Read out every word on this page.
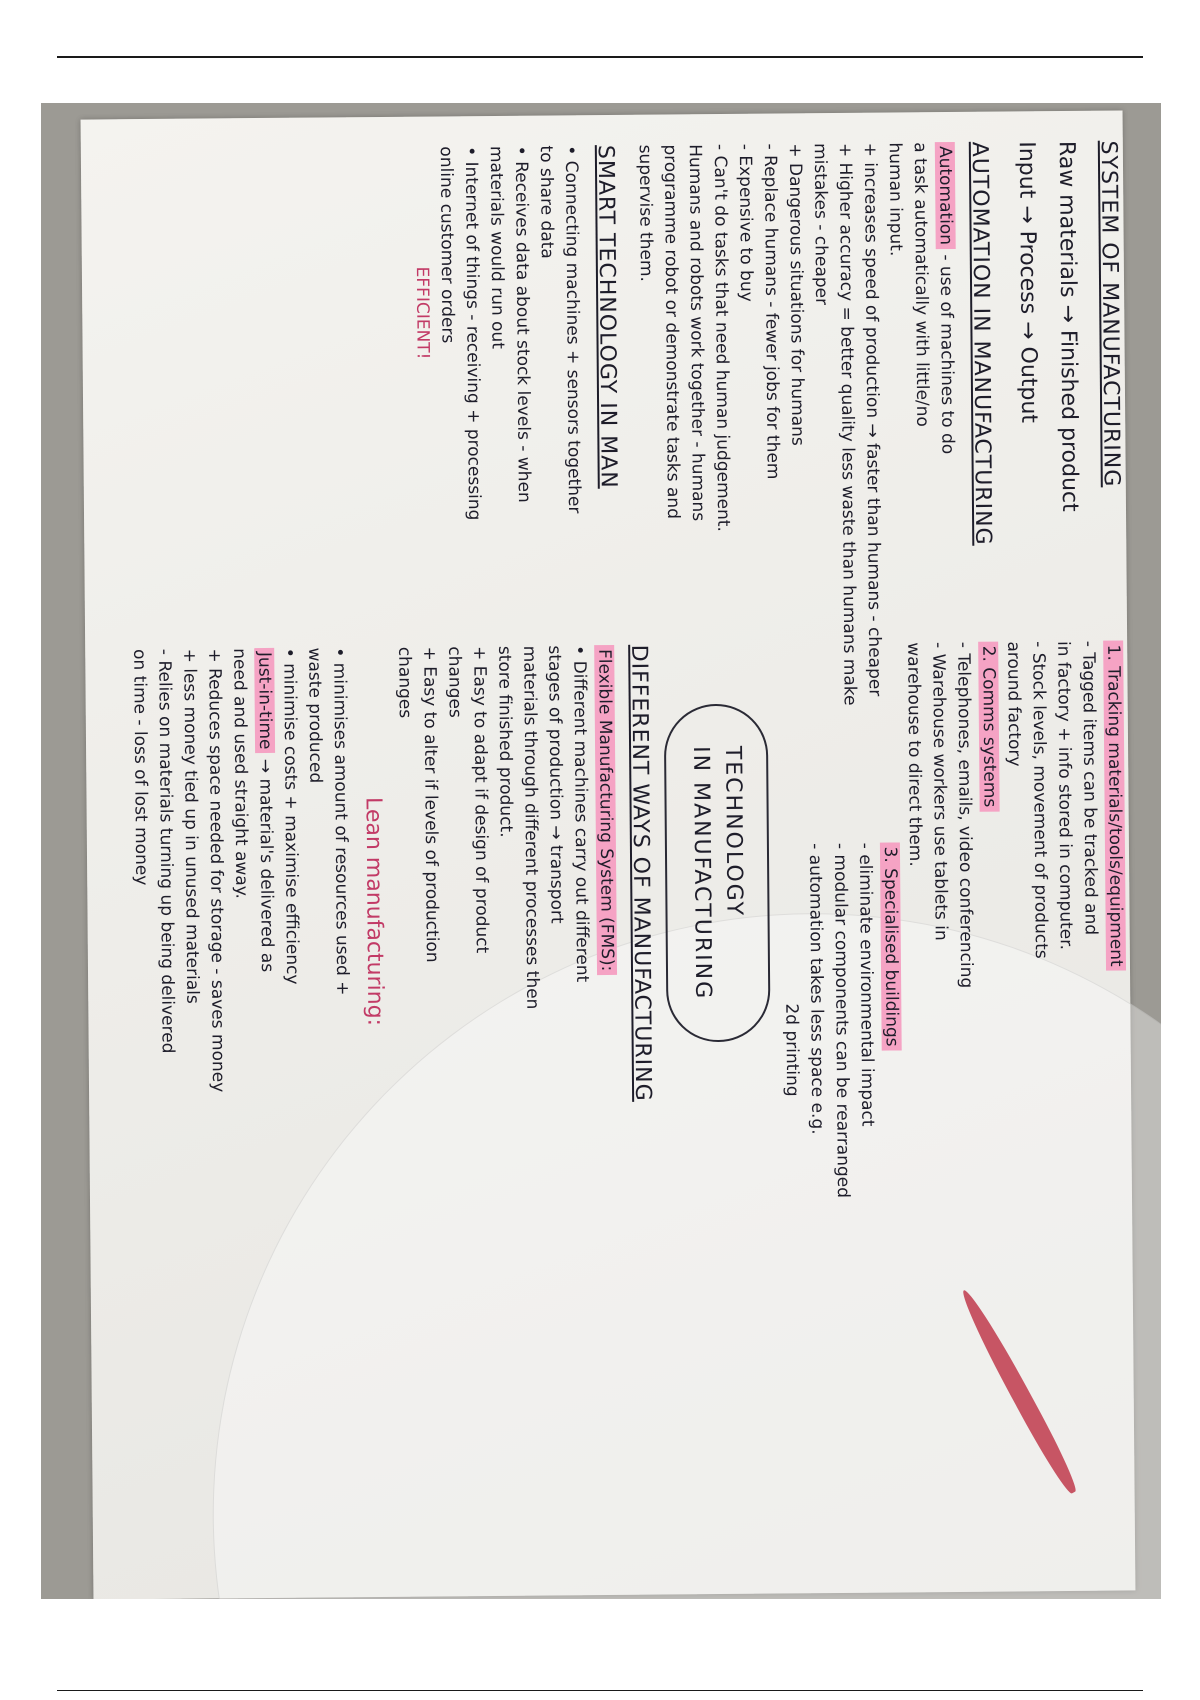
SYSTEM OF MANUFACTURING

Raw materials → Finished product

Input → Process → Output

AUTOMATION IN MANUFACTURING

Automation - use of machines to do

a task automatically with little/no

human input.

+ increases speed of production → faster than humans - cheaper

+ Higher accuracy = better quality less waste than humans make

mistakes - cheaper

+ Dangerous situations for humans

- Replace humans - fewer jobs for them

- Expensive to buy

- Can't do tasks that need human judgement.

Humans and robots work together - humans

programme robot or demonstrate tasks and

supervise them.

SMART TECHNOLOGY IN MAN

• Connecting machines + sensors together

to share data

• Receives data about stock levels - when

materials would run out

• Internet of things - receiving + processing

online customer orders

EFFICIENT!

1. Tracking materials/tools/equipment

- Tagged items can be tracked and

in factory + info stored in computer.

- Stock levels, movement of products

around factory

2. Comms systems

- Telephones, emails, video conferencing

- Warehouse workers use tablets in

warehouse to direct them.

3. Specialised buildings

- eliminate environmental impact

- modular components can be rearranged

- automation takes less space e.g.

2d printing

TECHNOLOGY
IN MANUFACTURING

DIFFERENT WAYS OF MANUFACTURING

Flexible Manufacturing System (FMS):

• Different machines carry out different

stages of production → transport

materials through different processes then

store finished product.

+ Easy to adapt if design of product

changes

+ Easy to alter if levels of production

changes

Lean manufacturing:

• minimises amount of resources used +

waste produced

• minimise costs + maximise efficiency

Just-in-time → material's delivered as

need and used straight away.

+ Reduces space needed for storage - saves money

+ less money tied up in unused materials

- Relies on materials turning up being delivered

on time - loss of lost money
